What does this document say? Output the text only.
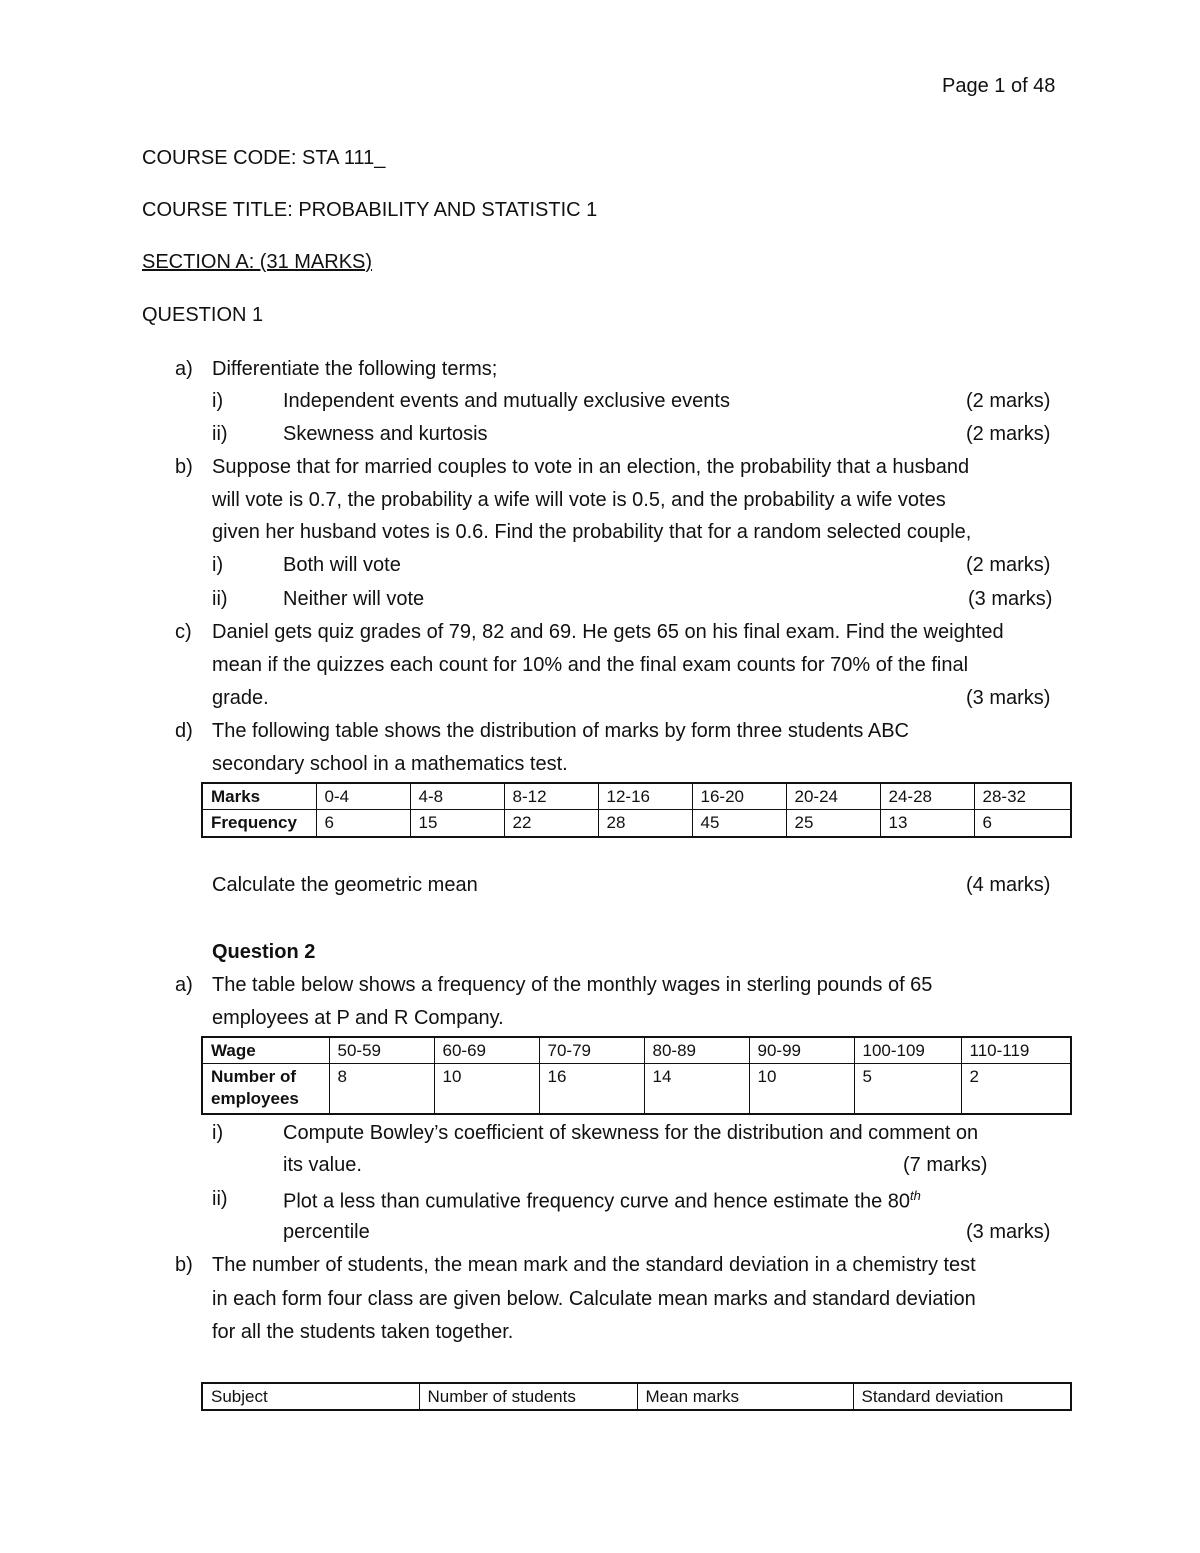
Page 1 of 48
COURSE CODE: STA 111_
COURSE TITLE: PROBABILITY AND STATISTIC 1
SECTION A: (31 MARKS)
QUESTION 1
a) Differentiate the following terms;
i)	Independent events and mutually exclusive events	(2 marks)
ii)	Skewness and kurtosis	(2 marks)
b) Suppose that for married couples to vote in an election, the probability that a husband
will vote is 0.7, the probability a wife will vote is 0.5, and the probability a wife votes
given her husband votes is 0.6. Find the probability that for a random selected couple,
i)	Both will vote	(2 marks)
ii)	Neither will vote	(3 marks)
c) Daniel gets quiz grades of 79, 82 and 69. He gets 65 on his final exam. Find the weighted
mean if the quizzes each count for 10% and the final exam counts for 70% of the final
grade.	(3 marks)
d) The following table shows the distribution of marks by form three students ABC
secondary school in a mathematics test.
Marks	0-4	4-8	8-12	12-16	16-20	20-24	24-28	28-32
Frequency	6	15	22	28	45	25	13	6
Calculate the geometric mean	(4 marks)
Question 2
a) The table below shows a frequency of the monthly wages in sterling pounds of 65
employees at P and R Company.
Wage	50-59	60-69	70-79	80-89	90-99	100-109	110-119

Number of
employees	8	10	16	14	10	5	2
i)	Compute Bowley’s coefficient of skewness for the distribution and comment on
its value.	(7 marks)
ii)	Plot a less than cumulative frequency curve and hence estimate the 80th
percentile	(3 marks)
b) The number of students, the mean mark and the standard deviation in a chemistry test
in each form four class are given below. Calculate mean marks and standard deviation
for all the students taken together.
Subject	Number of students	Mean marks	Standard deviation
